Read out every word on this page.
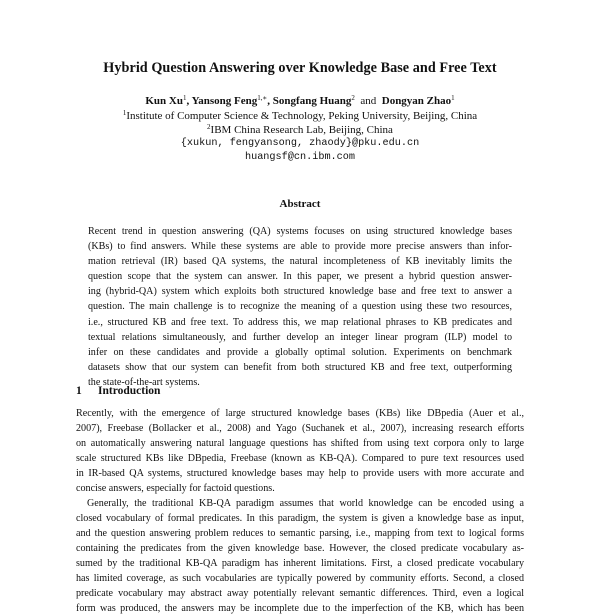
Hybrid Question Answering over Knowledge Base and Free Text
Kun Xu$^1$, Yansong Feng$^{1,∗}$, Songfang Huang$^2$ and Dongyan Zhao$^1$
$^1$Institute of Computer Science & Technology, Peking University, Beijing, China
$^2$IBM China Research Lab, Beijing, China
{xukun, fengyansong, zhaody}@pku.edu.cn
huangsf@cn.ibm.com
Abstract
Recent trend in question answering (QA) systems focuses on using structured knowledge bases
(KBs) to find answers. While these systems are able to provide more precise answers than infor-
mation retrieval (IR) based QA systems, the natural incompleteness of KB inevitably limits the
question scope that the system can answer. In this paper, we present a hybrid question answer-
ing (hybrid-QA) system which exploits both structured knowledge base and free text to answer a
question. The main challenge is to recognize the meaning of a question using these two resources,
i.e., structured KB and free text. To address this, we map relational phrases to KB predicates and
textual relations simultaneously, and further develop an integer linear program (ILP) model to
infer on these candidates and provide a globally optimal solution. Experiments on benchmark
datasets show that our system can benefit from both structured KB and free text, outperforming
the state-of-the-art systems.
1 Introduction
Recently, with the emergence of large structured knowledge bases (KBs) like DBpedia (Auer et al.,
2007), Freebase (Bollacker et al., 2008) and Yago (Suchanek et al., 2007), increasing research efforts
on automatically answering natural language questions has shifted from using text corpora only to large
scale structured KBs like DBpedia, Freebase (known as KB-QA). Compared to pure text resources used
in IR-based QA systems, structured knowledge bases may help to provide users with more accurate and
concise answers, especially for factoid questions.
Generally, the traditional KB-QA paradigm assumes that world knowledge can be encoded using a
closed vocabulary of formal predicates. In this paradigm, the system is given a knowledge base as input,
and the question answering problem reduces to semantic parsing, i.e., mapping from text to logical forms
containing the predicates from the given knowledge base. However, the closed predicate vocabulary as-
sumed by the traditional KB-QA paradigm has inherent limitations. First, a closed predicate vocabulary
has limited coverage, as such vocabularies are typically powered by community efforts. Second, a closed
predicate vocabulary may abstract away potentially relevant semantic differences. Third, even a logical
form was produced, the answers may be incomplete due to the imperfection of the KB, which has been
